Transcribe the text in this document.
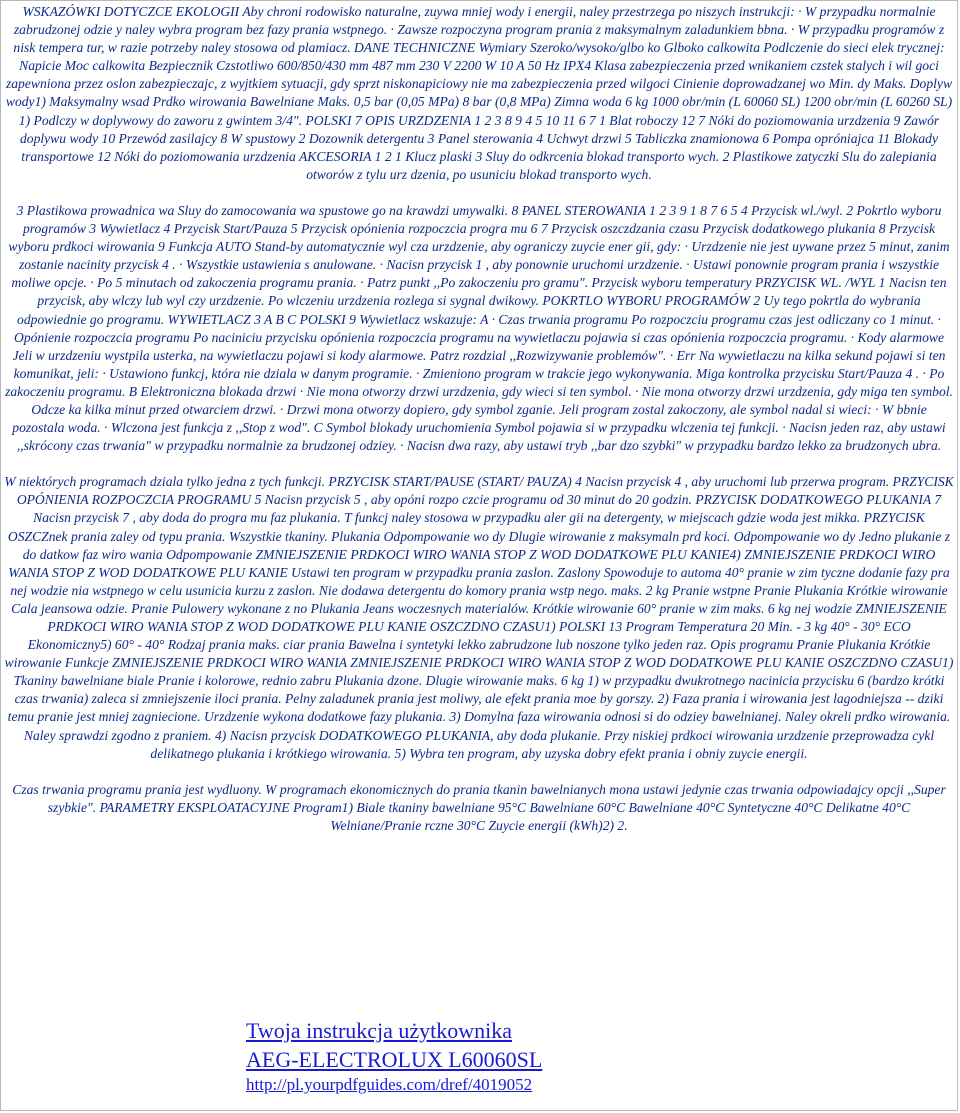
WSKAZÓWKI DOTYCZCE EKOLOGII Aby chroni rodowisko naturalne, zuywa mniej wody i energii, naley przestrzega po niszych instrukcji: · W przypadku normalnie zabrudzonej odzie y naley wybra program bez fazy prania wstpnego. · Zawsze rozpoczyna program prania z maksymalnym zaladunkiem bbna. · W przypadku programów z nisk tempera tur, w razie potrzeby naley stosowa od plamiacz. DANE TECHNICZNE Wymiary Szeroko/wysoko/glbo ko Glboko calkowita Podlczenie do sieci elek trycznej: Napicie Moc calkowita Bezpiecznik Czstotliwo 600/850/430 mm 487 mm 230 V 2200 W 10 A 50 Hz IPX4 Klasa zabezpieczenia przed wnikaniem czstek stalych i wil goci zapewniona przez oslon zabezpieczajc, z wyjtkiem sytuacji, gdy sprzt niskonapiciowy nie ma zabezpieczenia przed wilgoci Cinienie doprowadzanej wo Min. dy Maks. Doplyw wody1) Maksymalny wsad Prdko wirowania Bawelniane Maks. 0,5 bar (0,05 MPa) 8 bar (0,8 MPa) Zimna woda 6 kg 1000 obr/min (L 60060 SL) 1200 obr/min (L 60260 SL) 1) Podlczy w doplywowy do zaworu z gwintem 3/4". POLSKI 7 OPIS URZDZENIA 1 2 3 8 9 4 5 10 11 6 7 1 Blat roboczy 12 7 Nóki do poziomowania urzdzenia 9 Zawór doplywu wody 10 Przewód zasilajcy 8 W spustowy 2 Dozownik detergentu 3 Panel sterowania 4 Uchwyt drzwi 5 Tabliczka znamionowa 6 Pompa opróniajca 11 Blokady transportowe 12 Nóki do poziomowania urzdzenia AKCESORIA 1 2 1 Klucz plaski 3 Sluy do odkrcenia blokad transporto wych. 2 Plastikowe zatyczki Slu do zalepiania otworów z tylu urz dzenia, po usuniciu blokad transporto wych.

3 Plastikowa prowadnica wa Sluy do zamocowania wa spustowe go na krawdzi umywalki. 8 PANEL STEROWANIA 1 2 3 9 1 8 7 6 5 4 Przycisk wl./wyl. 2 Pokrtlo wyboru programów 3 Wywietlacz 4 Przycisk Start/Pauza 5 Przycisk opónienia rozpoczcia progra mu 6 7 Przycisk oszczdzania czasu Przycisk dodatkowego plukania 8 Przycisk wyboru prdkoci wirowania 9 Funkcja AUTO Stand-by automatycznie wyl cza urzdzenie, aby ograniczy zuycie ener gii, gdy: · Urzdzenie nie jest uywane przez 5 minut, zanim zostanie nacinity przycisk 4 . · Wszystkie ustawienia s anulowane. · Nacisn przycisk 1 , aby ponownie uruchomi urzdzenie. · Ustawi ponownie program prania i wszystkie moliwe opcje. · Po 5 minutach od zakoczenia programu prania. · Patrz punkt ,,Po zakoczeniu pro gramu". Przycisk wyboru temperatury PRZYCISK WL. /WYL 1 Nacisn ten przycisk, aby wlczy lub wyl czy urzdzenie. Po wlczeniu urzdzenia rozlega si sygnal dwikowy. POKRTLO WYBORU PROGRAMÓW 2 Uy tego pokrtla do wybrania odpowiednie go programu. WYWIETLACZ 3 A B C POLSKI 9 Wywietlacz wskazuje: A · Czas trwania programu Po rozpoczciu programu czas jest odliczany co 1 minut. · Opónienie rozpoczcia programu Po naciniciu przycisku opónienia rozpoczcia programu na wywietlaczu pojawia si czas opónienia rozpoczcia programu. · Kody alarmowe Jeli w urzdzeniu wystpila usterka, na wywietlaczu pojawi si kody alarmowe. Patrz rozdzial ,,Rozwizywanie problemów". · Err Na wywietlaczu na kilka sekund pojawi si ten komunikat, jeli: · Ustawiono funkcj, która nie dziala w danym programie. · Zmieniono program w trakcie jego wykonywania. Miga kontrolka przycisku Start/Pauza 4 . · Po zakoczeniu programu. B Elektroniczna blokada drzwi · Nie mona otworzy drzwi urzdzenia, gdy wieci si ten symbol. · Nie mona otworzy drzwi urzdzenia, gdy miga ten symbol. Odcze ka kilka minut przed otwarciem drzwi. · Drzwi mona otworzy dopiero, gdy symbol zganie. Jeli program zostal zakoczony, ale symbol nadal si wieci: · W bbnie pozostala woda. · Wlczona jest funkcja z ,,Stop z wod". C Symbol blokady uruchomienia Symbol pojawia si w przypadku wlczenia tej funkcji. · Nacisn jeden raz, aby ustawi ,,skrócony czas trwania" w przypadku normalnie za brudzonej odziey. · Nacisn dwa razy, aby ustawi tryb ,,bar dzo szybki" w przypadku bardzo lekko za brudzonych ubra.

W niektórych programach dziala tylko jedna z tych funkcji. PRZYCISK START/PAUSE (START/ PAUZA) 4 Nacisn przycisk 4 , aby uruchomi lub przerwa program. PRZYCISK OPÓNIENIA ROZPOCZCIA PROGRAMU 5 Nacisn przycisk 5 , aby opóni rozpo czcie programu od 30 minut do 20 godzin. PRZYCISK DODATKOWEGO PLUKANIA 7 Nacisn przycisk 7 , aby doda do progra mu faz plukania. T funkcj naley stosowa w przypadku aler gii na detergenty, w miejscach gdzie woda jest mikka. PRZYCISK OSZCZnek prania zaley od typu prania. Wszystkie tkaniny. Plukania Odpompowanie wo dy Dlugie wirowanie z maksymaln prd koci. Odpompowanie wo dy Jedno plukanie z do datkow faz wiro wania Odpompowanie ZMNIEJSZENIE PRDKOCI WIRO WANIA STOP Z WOD DODATKOWE PLU KANIE4) ZMNIEJSZENIE PRDKOCI WIRO WANIA STOP Z WOD DODATKOWE PLU KANIE Ustawi ten program w przypadku prania zaslon. Zaslony Spowoduje to automa 40° pranie w zim tyczne dodanie fazy pra nej wodzie nia wstpnego w celu usunicia kurzu z zaslon. Nie dodawa detergentu do komory prania wstp nego. maks. 2 kg Pranie wstpne Pranie Plukania Krótkie wirowanie Cala jeansowa odzie. Pranie Pulowery wykonane z no Plukania Jeans woczesnych materialów. Krótkie wirowanie 60° pranie w zim maks. 6 kg nej wodzie ZMNIEJSZENIE PRDKOCI WIRO WANIA STOP Z WOD DODATKOWE PLU KANIE OSZCZDNO CZASU1) POLSKI 13 Program Temperatura 20 Min. - 3 kg 40° - 30° ECO Ekonomiczny5) 60° - 40° Rodzaj prania maks. ciar prania Bawelna i syntetyki lekko zabrudzone lub noszone tylko jeden raz. Opis programu Pranie Plukania Krótkie wirowanie Funkcje ZMNIEJSZENIE PRDKOCI WIRO WANIA ZMNIEJSZENIE PRDKOCI WIRO WANIA STOP Z WOD DODATKOWE PLU KANIE OSZCZDNO CZASU1) Tkaniny bawelniane biale Pranie i kolorowe, rednio zabru Plukania dzone. Dlugie wirowanie maks. 6 kg 1) w przypadku dwukrotnego nacinicia przycisku 6 (bardzo krótki czas trwania) zaleca si zmniejszenie iloci prania. Pelny zaladunek prania jest moliwy, ale efekt prania moe by gorszy. 2) Faza prania i wirowania jest lagodniejsza -- dziki temu pranie jest mniej zagniecione. Urzdzenie wykona dodatkowe fazy plukania. 3) Domylna faza wirowania odnosi si do odziey bawelnianej. Naley okreli prdko wirowania. Naley sprawdzi zgodno z praniem. 4) Nacisn przycisk DODATKOWEGO PLUKANIA, aby doda plukanie. Przy niskiej prdkoci wirowania urzdzenie przeprowadza cykl delikatnego plukania i krótkiego wirowania. 5) Wybra ten program, aby uzyska dobry efekt prania i obniy zuycie energii.

Czas trwania programu prania jest wydluony. W programach ekonomicznych do prania tkanin bawelnianych mona ustawi jedynie czas trwania odpowiadajcy opcji ,,Super szybkie". PARAMETRY EKSPLOATACYJNE Program1) Biale tkaniny bawelniane 95°C Bawelniane 60°C Bawelniane 40°C Syntetyczne 40°C Delikatne 40°C Welniane/Pranie rczne 30°C Zuycie energii (kWh)2) 2.

Twoja instrukcja użytkownika
AEG-ELECTROLUX L60060SL
http://pl.yourpdfguides.com/dref/4019052
